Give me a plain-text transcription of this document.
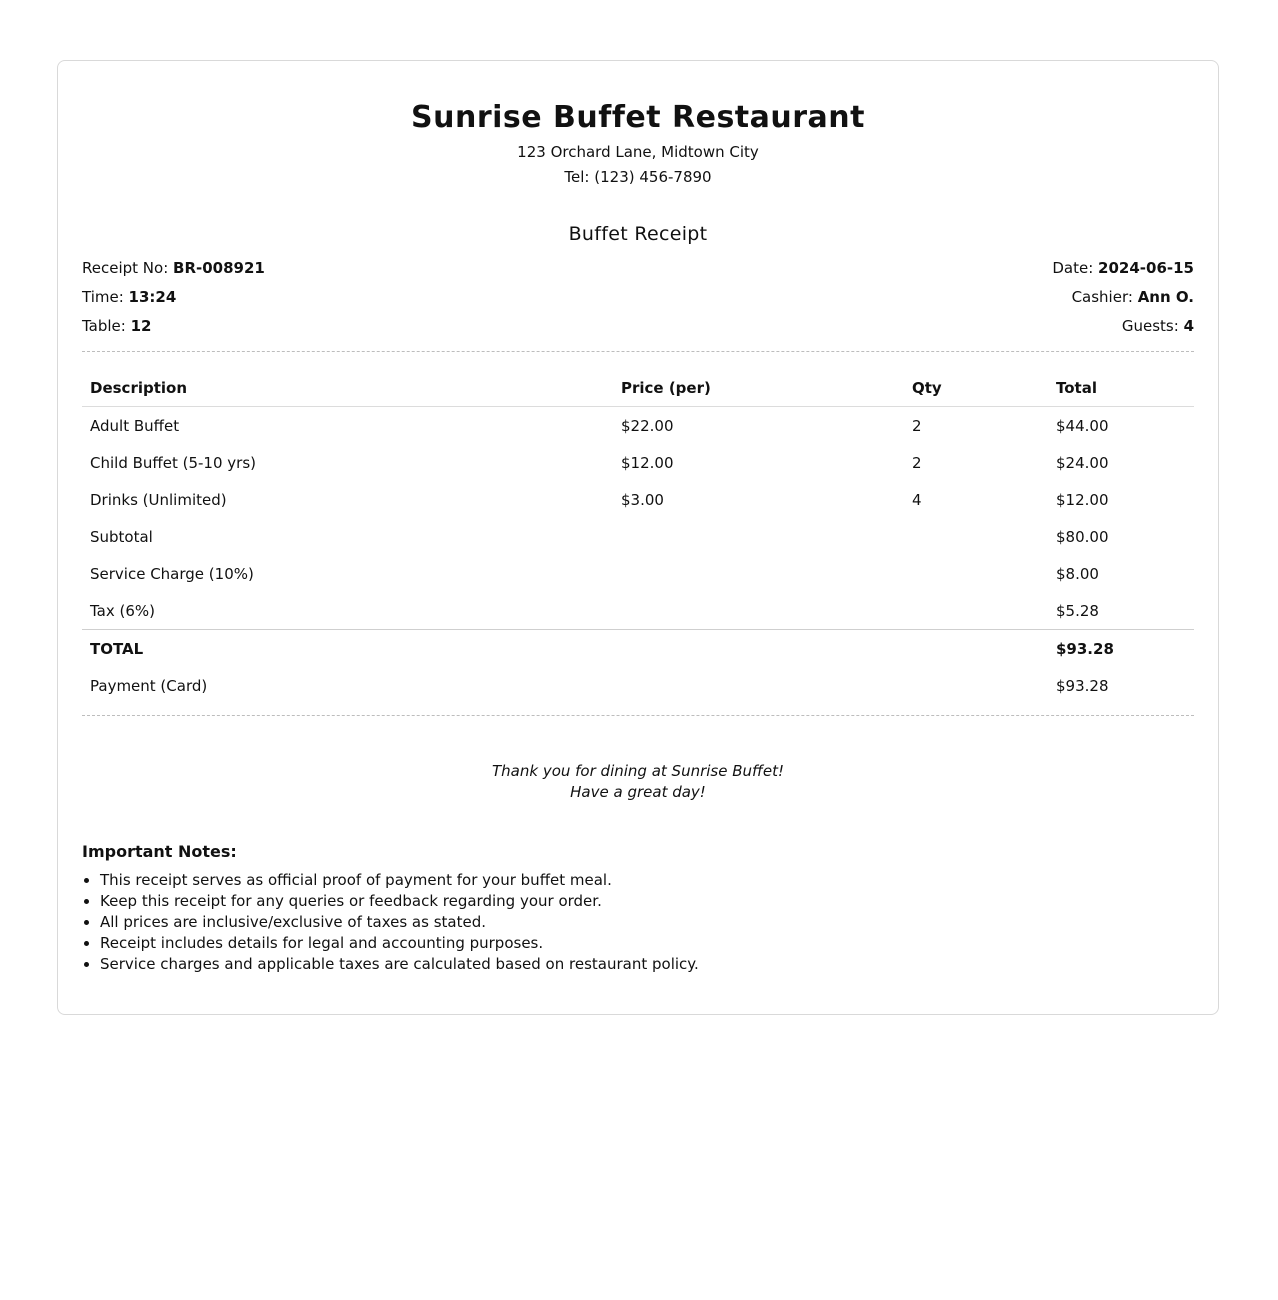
Sunrise Buffet Restaurant
123 Orchard Lane, Midtown City
Tel: (123) 456-7890
Buffet Receipt
Receipt No: BR-008921
Time: 13:24
Table: 12
Date: 2024-06-15
Cashier: Ann O.
Guests: 4
Description	Price (per)	Qty	Total
Adult Buffet	$22.00	2	$44.00
Child Buffet (5-10 yrs)	$12.00	2	$24.00
Drinks (Unlimited)	$3.00	4	$12.00
Subtotal			$80.00
Service Charge (10%)			$8.00
Tax (6%)			$5.28
TOTAL			$93.28
Payment (Card)			$93.28
Thank you for dining at Sunrise Buffet!
Have a great day!
Important Notes:
• This receipt serves as official proof of payment for your buffet meal.
• Keep this receipt for any queries or feedback regarding your order.
• All prices are inclusive/exclusive of taxes as stated.
• Receipt includes details for legal and accounting purposes.
• Service charges and applicable taxes are calculated based on restaurant policy.
